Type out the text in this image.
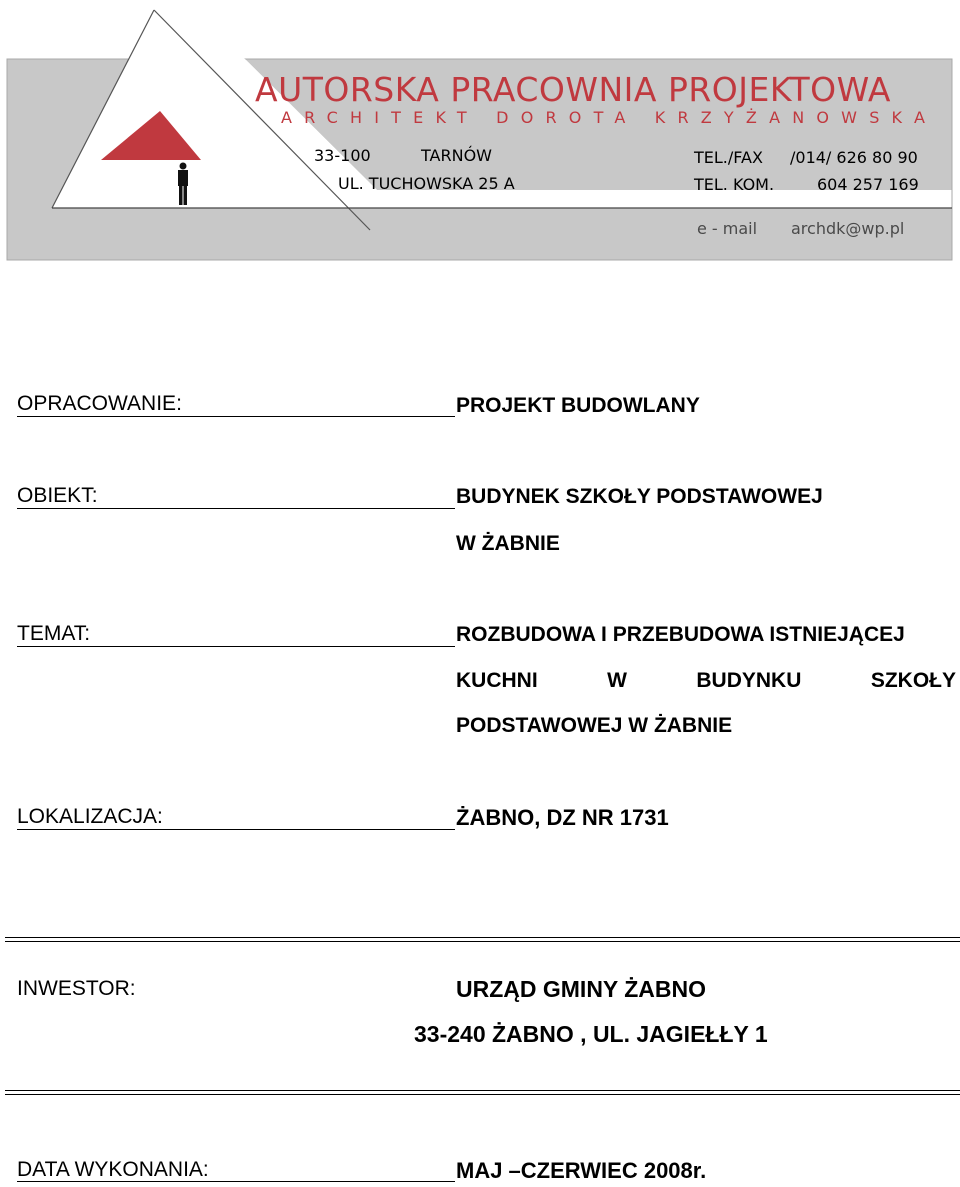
AUTORSKA PRACOWNIA PROJEKTOWA
ARCHITEKT DOROTA KRZYŻANOWSKA
33-100	TARNÓW
UL. TUCHOWSKA 25 A
TEL./FAX /014/ 626 80 90
TEL. KOM.	604 257 169
e - mail archdk@wp.pl
OPRACOWANIE:	PROJEKT BUDOWLANY
OBIEKT:	BUDYNEK SZKOŁY PODSTAWOWEJ
W ŻABNIE
TEMAT:	ROZBUDOWA I PRZEBUDOWA ISTNIEJĄCEJ
KUCHNI	W	BUDYNKU	SZKOŁY
PODSTAWOWEJ W ŻABNIE
LOKALIZACJA:	ŻABNO, DZ NR 1731
INWESTOR:	URZĄD GMINY ŻABNO
33-240 ŻABNO , UL. JAGIEŁŁY 1
DATA WYKONANIA:	MAJ –CZERWIEC 2008r.
